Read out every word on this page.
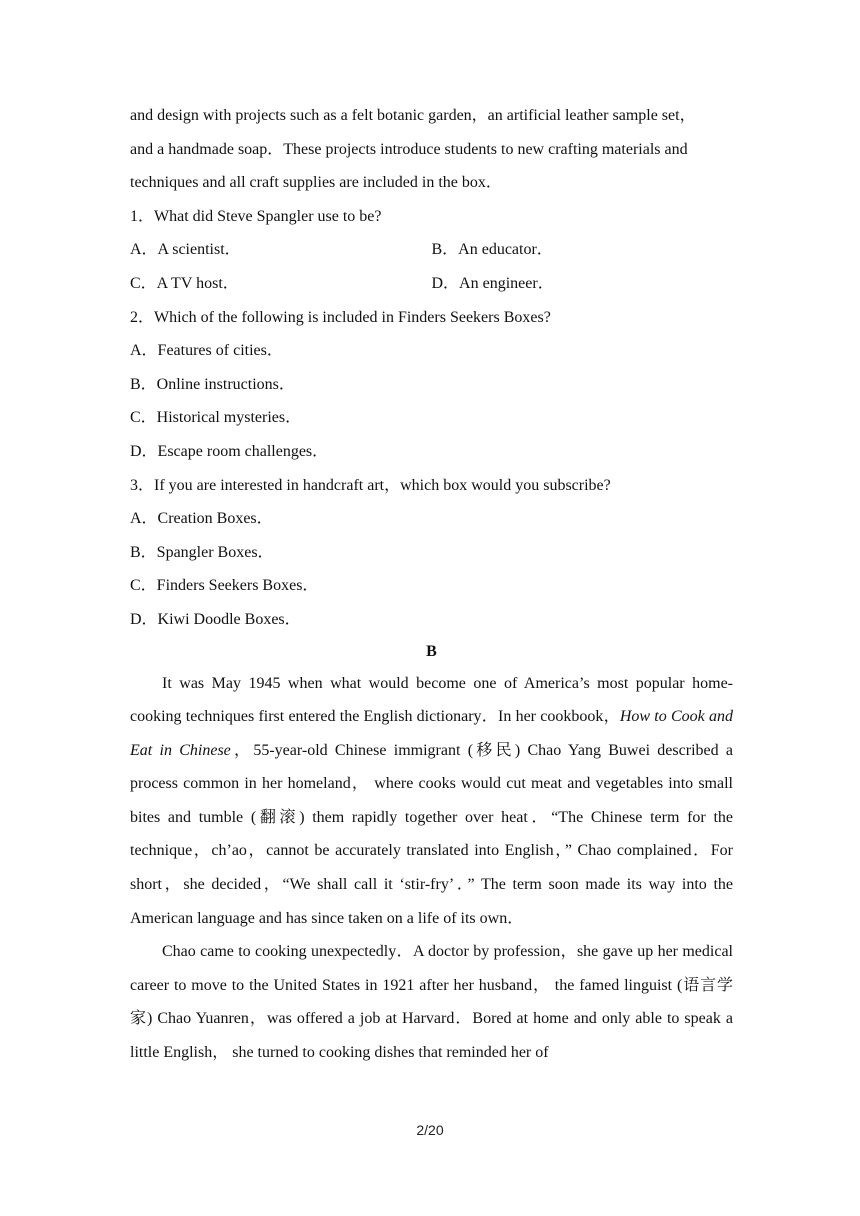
and design with projects such as a felt botanic garden，an artificial leather sample set，
and a handmade soap．These projects introduce students to new crafting materials and
techniques and all craft supplies are included in the box．
1．What did Steve Spangler use to be?
A．A scientist．	B．An educator．
C．A TV host．	D．An engineer．
2．Which of the following is included in Finders Seekers Boxes?
A．Features of cities．
B．Online instructions．
C．Historical mysteries．
D．Escape room challenges．
3．If you are interested in handcraft art，which box would you subscribe?
A．Creation Boxes．
B．Spangler Boxes．
C．Finders Seekers Boxes．
D．Kiwi Doodle Boxes．
B

It was May 1945 when what would become one of America’s most popular home-cooking techniques first entered the English dictionary．In her cookbook，How to Cook and Eat in Chinese，55-year-old Chinese immigrant (移民) Chao Yang Buwei described a process common in her homeland， where cooks would cut meat and vegetables into small bites and tumble (翻滚) them rapidly together over heat．“The Chinese term for the technique，ch’ao，cannot be accurately translated into English，” Chao complained．For short，she decided，“We shall call it ‘stir-fry’．” The term soon made its way into the American language and has since taken on a life of its own．

Chao came to cooking unexpectedly．A doctor by profession，she gave up her medical career to move to the United States in 1921 after her husband， the famed linguist (语言学家) Chao Yuanren，was offered a job at Harvard．Bored at home and only able to speak a little English， she turned to cooking dishes that reminded her of

2/20
